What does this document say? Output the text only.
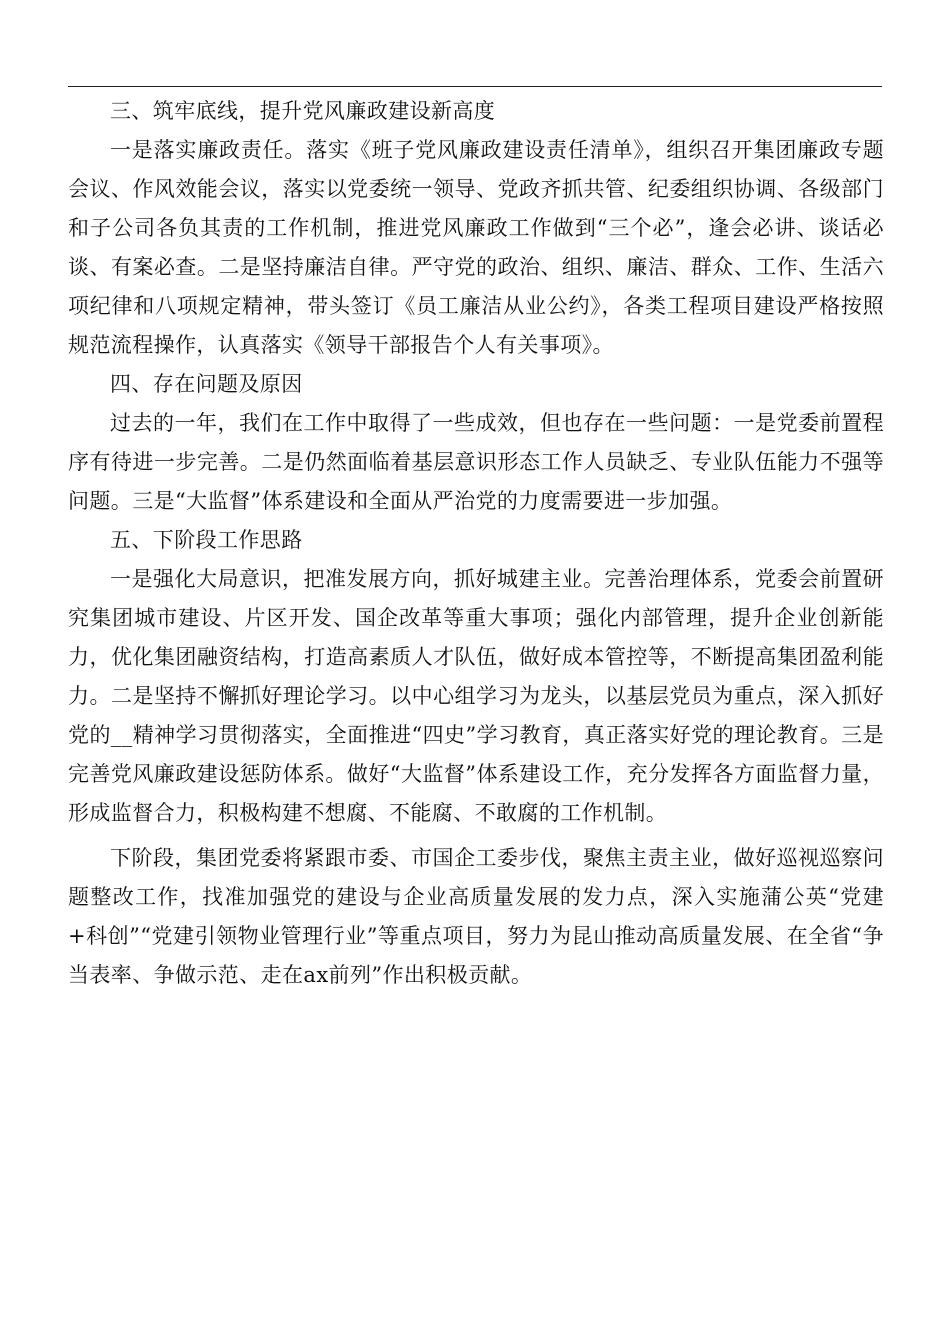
三、筑牢底线，提升党风廉政建设新高度

一是落实廉政责任。落实《班子党风廉政建设责任清单》，组织召开集团廉政专题会议、作风效能会议，落实以党委统一领导、党政齐抓共管、纪委组织协调、各级部门和子公司各负其责的工作机制，推进党风廉政工作做到“三个必”，逢会必讲、谈话必谈、有案必查。二是坚持廉洁自律。严守党的政治、组织、廉洁、群众、工作、生活六项纪律和八项规定精神，带头签订《员工廉洁从业公约》，各类工程项目建设严格按照规范流程操作，认真落实《领导干部报告个人有关事项》。

四、存在问题及原因

过去的一年，我们在工作中取得了一些成效，但也存在一些问题：一是党委前置程序有待进一步完善。二是仍然面临着基层意识形态工作人员缺乏、专业队伍能力不强等问题。三是“大监督”体系建设和全面从严治党的力度需要进一步加强。

五、下阶段工作思路

一是强化大局意识，把准发展方向，抓好城建主业。完善治理体系，党委会前置研究集团城市建设、片区开发、国企改革等重大事项；强化内部管理，提升企业创新能力，优化集团融资结构，打造高素质人才队伍，做好成本管控等，不断提高集团盈利能力。二是坚持不懈抓好理论学习。以中心组学习为龙头，以基层党员为重点，深入抓好党的__精神学习贯彻落实，全面推进“四史”学习教育，真正落实好党的理论教育。三是完善党风廉政建设惩防体系。做好“大监督”体系建设工作，充分发挥各方面监督力量，形成监督合力，积极构建不想腐、不能腐、不敢腐的工作机制。

下阶段，集团党委将紧跟市委、市国企工委步伐，聚焦主责主业，做好巡视巡察问题整改工作，找准加强党的建设与企业高质量发展的发力点，深入实施蒲公英“党建+科创”“党建引领物业管理行业”等重点项目，努力为昆山推动高质量发展、在全省“争当表率、争做示范、走在ax前列”作出积极贡献。
